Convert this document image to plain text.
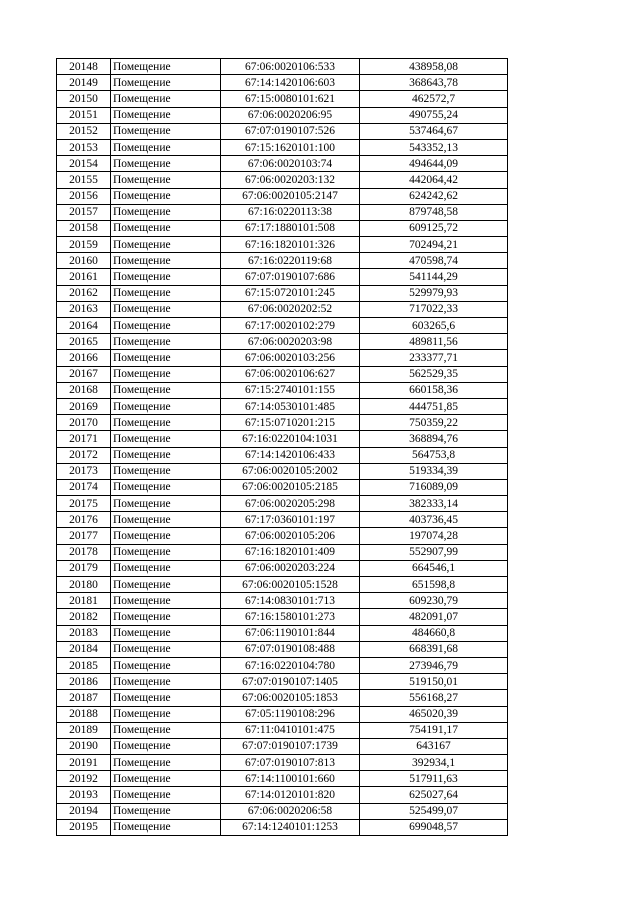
20148	Помещение	67:06:0020106:533	438958,08
20149	Помещение	67:14:1420106:603	368643,78
20150	Помещение	67:15:0080101:621	462572,7
20151	Помещение	67:06:0020206:95	490755,24
20152	Помещение	67:07:0190107:526	537464,67
20153	Помещение	67:15:1620101:100	543352,13
20154	Помещение	67:06:0020103:74	494644,09
20155	Помещение	67:06:0020203:132	442064,42
20156	Помещение	67:06:0020105:2147	624242,62
20157	Помещение	67:16:0220113:38	879748,58
20158	Помещение	67:17:1880101:508	609125,72
20159	Помещение	67:16:1820101:326	702494,21
20160	Помещение	67:16:0220119:68	470598,74
20161	Помещение	67:07:0190107:686	541144,29
20162	Помещение	67:15:0720101:245	529979,93
20163	Помещение	67:06:0020202:52	717022,33
20164	Помещение	67:17:0020102:279	603265,6
20165	Помещение	67:06:0020203:98	489811,56
20166	Помещение	67:06:0020103:256	233377,71
20167	Помещение	67:06:0020106:627	562529,35
20168	Помещение	67:15:2740101:155	660158,36
20169	Помещение	67:14:0530101:485	444751,85
20170	Помещение	67:15:0710201:215	750359,22
20171	Помещение	67:16:0220104:1031	368894,76
20172	Помещение	67:14:1420106:433	564753,8
20173	Помещение	67:06:0020105:2002	519334,39
20174	Помещение	67:06:0020105:2185	716089,09
20175	Помещение	67:06:0020205:298	382333,14
20176	Помещение	67:17:0360101:197	403736,45
20177	Помещение	67:06:0020105:206	197074,28
20178	Помещение	67:16:1820101:409	552907,99
20179	Помещение	67:06:0020203:224	664546,1
20180	Помещение	67:06:0020105:1528	651598,8
20181	Помещение	67:14:0830101:713	609230,79
20182	Помещение	67:16:1580101:273	482091,07
20183	Помещение	67:06:1190101:844	484660,8
20184	Помещение	67:07:0190108:488	668391,68
20185	Помещение	67:16:0220104:780	273946,79
20186	Помещение	67:07:0190107:1405	519150,01
20187	Помещение	67:06:0020105:1853	556168,27
20188	Помещение	67:05:1190108:296	465020,39
20189	Помещение	67:11:0410101:475	754191,17
20190	Помещение	67:07:0190107:1739	643167
20191	Помещение	67:07:0190107:813	392934,1
20192	Помещение	67:14:1100101:660	517911,63
20193	Помещение	67:14:0120101:820	625027,64
20194	Помещение	67:06:0020206:58	525499,07
20195	Помещение	67:14:1240101:1253	699048,57
